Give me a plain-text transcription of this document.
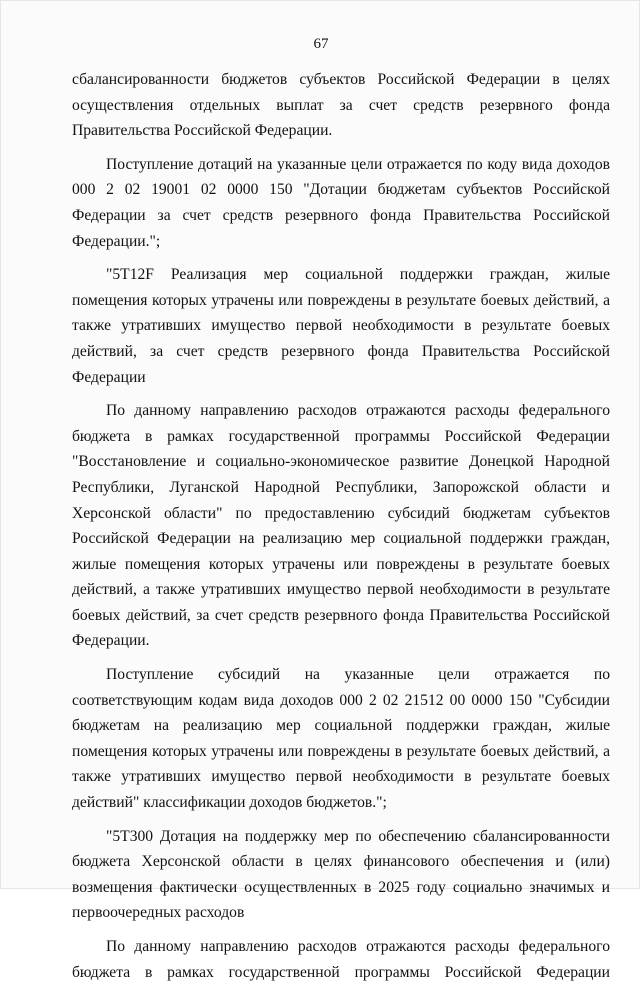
67

сбалансированности бюджетов субъектов Российской Федерации в целях осуществления отдельных выплат за счет средств резервного фонда Правительства Российской Федерации.

Поступление дотаций на указанные цели отражается по коду вида доходов 000 2 02 19001 02 0000 150 "Дотации бюджетам субъектов Российской Федерации за счет средств резервного фонда Правительства Российской Федерации.";

"5Т12F Реализация мер социальной поддержки граждан, жилые помещения которых утрачены или повреждены в результате боевых действий, а также утративших имущество первой необходимости в результате боевых действий, за счет средств резервного фонда Правительства Российской Федерации

По данному направлению расходов отражаются расходы федерального бюджета в рамках государственной программы Российской Федерации "Восстановление и социально-экономическое развитие Донецкой Народной Республики, Луганской Народной Республики, Запорожской области и Херсонской области" по предоставлению субсидий бюджетам субъектов Российской Федерации на реализацию мер социальной поддержки граждан, жилые помещения которых утрачены или повреждены в результате боевых действий, а также утративших имущество первой необходимости в результате боевых действий, за счет средств резервного фонда Правительства Российской Федерации.

Поступление субсидий на указанные цели отражается по соответствующим кодам вида доходов 000 2 02 21512 00 0000 150 "Субсидии бюджетам на реализацию мер социальной поддержки граждан, жилые помещения которых утрачены или повреждены в результате боевых действий, а также утративших имущество первой необходимости в результате боевых действий" классификации доходов бюджетов.";

"5Т300 Дотация на поддержку мер по обеспечению сбалансированности бюджета Херсонской области в целях финансового обеспечения и (или) возмещения фактически осуществленных в 2025 году социально значимых и первоочередных расходов

По данному направлению расходов отражаются расходы федерального бюджета в рамках государственной программы Российской Федерации
